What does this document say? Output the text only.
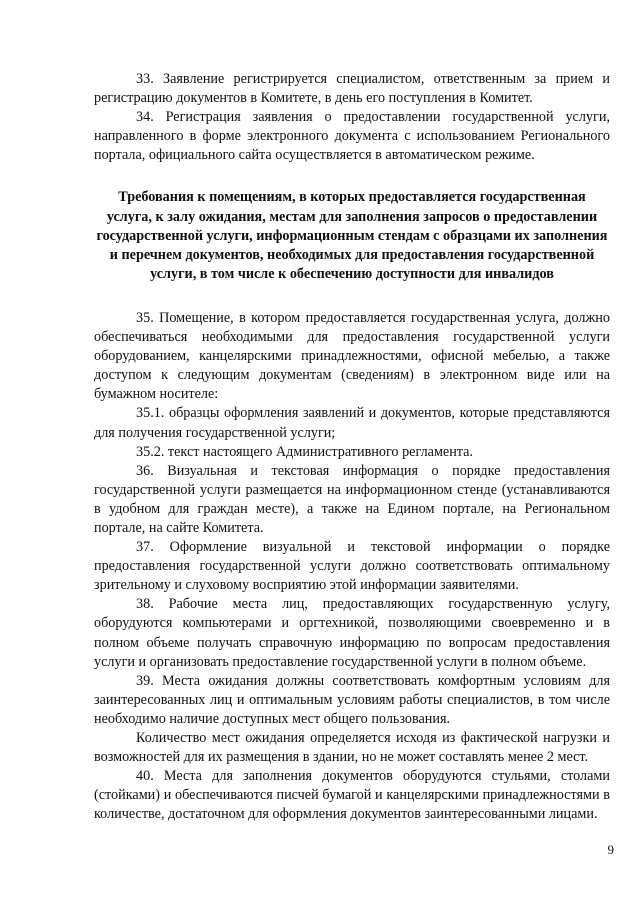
33. Заявление регистрируется специалистом, ответственным за прием и регистрацию документов в Комитете, в день его поступления в Комитет.

34. Регистрация заявления о предоставлении государственной услуги, направленного в форме электронного документа с использованием Регионального портала, официального сайта осуществляется в автоматическом режиме.

Требования к помещениям, в которых предоставляется государственная услуга, к залу ожидания, местам для заполнения запросов о предоставлении государственной услуги, информационным стендам с образцами их заполнения и перечнем документов, необходимых для предоставления государственной услуги, в том числе к обеспечению доступности для инвалидов

35. Помещение, в котором предоставляется государственная услуга, должно обеспечиваться необходимыми для предоставления государственной услуги оборудованием, канцелярскими принадлежностями, офисной мебелью, а также доступом к следующим документам (сведениям) в электронном виде или на бумажном носителе:

35.1. образцы оформления заявлений и документов, которые представляются для получения государственной услуги;

35.2. текст настоящего Административного регламента.

36. Визуальная и текстовая информация о порядке предоставления государственной услуги размещается на информационном стенде (устанавливаются в удобном для граждан месте), а также на Едином портале, на Региональном портале, на сайте Комитета.

37. Оформление визуальной и текстовой информации о порядке предоставления государственной услуги должно соответствовать оптимальному зрительному и слуховому восприятию этой информации заявителями.

38. Рабочие места лиц, предоставляющих государственную услугу, оборудуются компьютерами и оргтехникой, позволяющими своевременно и в полном объеме получать справочную информацию по вопросам предоставления услуги и организовать предоставление государственной услуги в полном объеме.

39. Места ожидания должны соответствовать комфортным условиям для заинтересованных лиц и оптимальным условиям работы специалистов, в том числе необходимо наличие доступных мест общего пользования.

Количество мест ожидания определяется исходя из фактической нагрузки и возможностей для их размещения в здании, но не может составлять менее 2 мест.

40. Места для заполнения документов оборудуются стульями, столами (стойками) и обеспечиваются писчей бумагой и канцелярскими принадлежностями в количестве, достаточном для оформления документов заинтересованными лицами.

9
